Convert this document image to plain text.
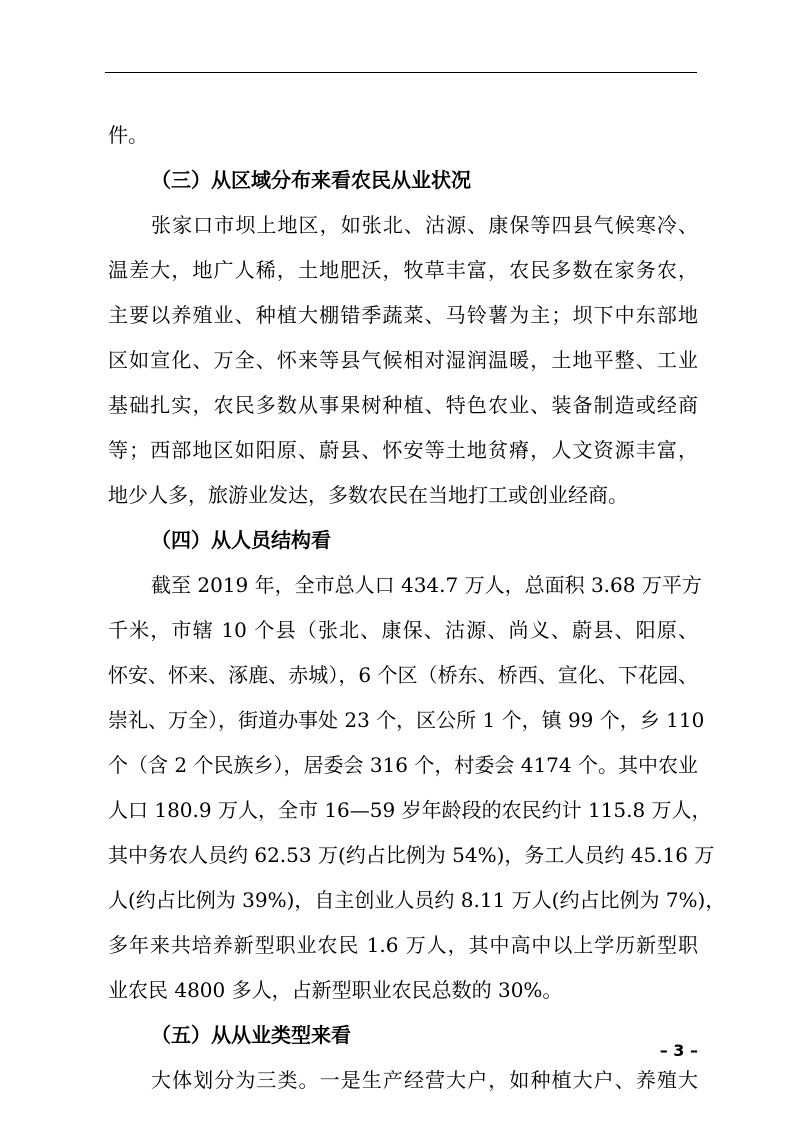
件。
（三）从区域分布来看农民从业状况
张家口市坝上地区，如张北、沽源、康保等四县气候寒冷、
温差大，地广人稀，土地肥沃，牧草丰富，农民多数在家务农，
主要以养殖业、种植大棚错季蔬菜、马铃薯为主；坝下中东部地
区如宣化、万全、怀来等县气候相对湿润温暖，土地平整、工业
基础扎实，农民多数从事果树种植、特色农业、装备制造或经商
等；西部地区如阳原、蔚县、怀安等土地贫瘠，人文资源丰富，
地少人多，旅游业发达，多数农民在当地打工或创业经商。
（四）从人员结构看
截至 2019 年，全市总人口 434.7 万人，总面积 3.68 万平方
千米，市辖 10 个县（张北、康保、沽源、尚义、蔚县、阳原、
怀安、怀来、涿鹿、赤城），6 个区（桥东、桥西、宣化、下花园、
崇礼、万全），街道办事处 23 个，区公所 1 个，镇 99 个，乡 110
个（含 2 个民族乡），居委会 316 个，村委会 4174 个。其中农业
人口 180.9 万人，全市 16—59 岁年龄段的农民约计 115.8 万人，
其中务农人员约 62.53 万(约占比例为 54%)，务工人员约 45.16 万
人(约占比例为 39%)，自主创业人员约 8.11 万人(约占比例为 7%)，
多年来共培养新型职业农民 1.6 万人，其中高中以上学历新型职
业农民 4800 多人，占新型职业农民总数的 30%。
（五）从从业类型来看
大体划分为三类。一是生产经营大户，如种植大户、养殖大
– 3 –
